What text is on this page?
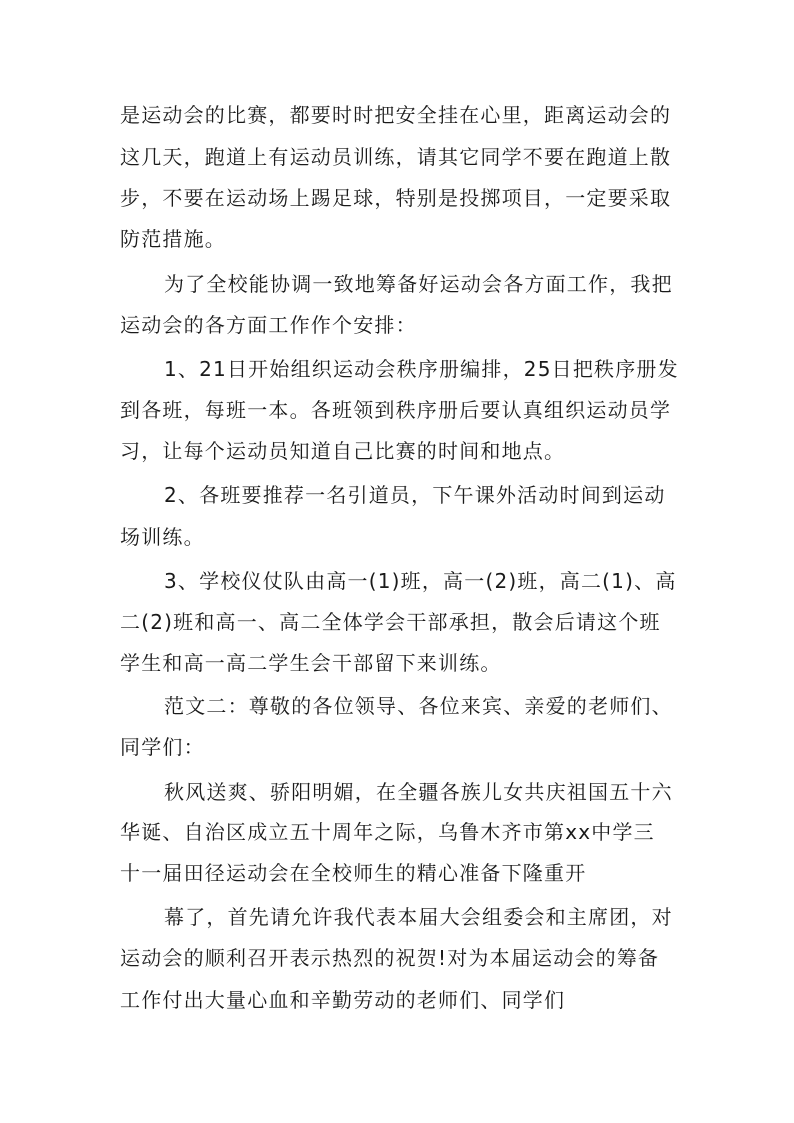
是运动会的比赛，都要时时把安全挂在心里，距离运动会的
这几天，跑道上有运动员训练，请其它同学不要在跑道上散
步，不要在运动场上踢足球，特别是投掷项目，一定要采取
防范措施。
为了全校能协调一致地筹备好运动会各方面工作，我把
运动会的各方面工作作个安排：
1、21日开始组织运动会秩序册编排，25日把秩序册发
到各班，每班一本。各班领到秩序册后要认真组织运动员学
习，让每个运动员知道自己比赛的时间和地点。
2、各班要推荐一名引道员，下午课外活动时间到运动
场训练。
3、学校仪仗队由高一(1)班，高一(2)班，高二(1)、高
二(2)班和高一、高二全体学会干部承担，散会后请这个班
学生和高一高二学生会干部留下来训练。
范文二：尊敬的各位领导、各位来宾、亲爱的老师们、
同学们：
秋风送爽、骄阳明媚，在全疆各族儿女共庆祖国五十六
华诞、自治区成立五十周年之际，乌鲁木齐市第xx中学三
十一届田径运动会在全校师生的精心准备下隆重开
幕了，首先请允许我代表本届大会组委会和主席团，对
运动会的顺利召开表示热烈的祝贺!对为本届运动会的筹备
工作付出大量心血和辛勤劳动的老师们、同学们
